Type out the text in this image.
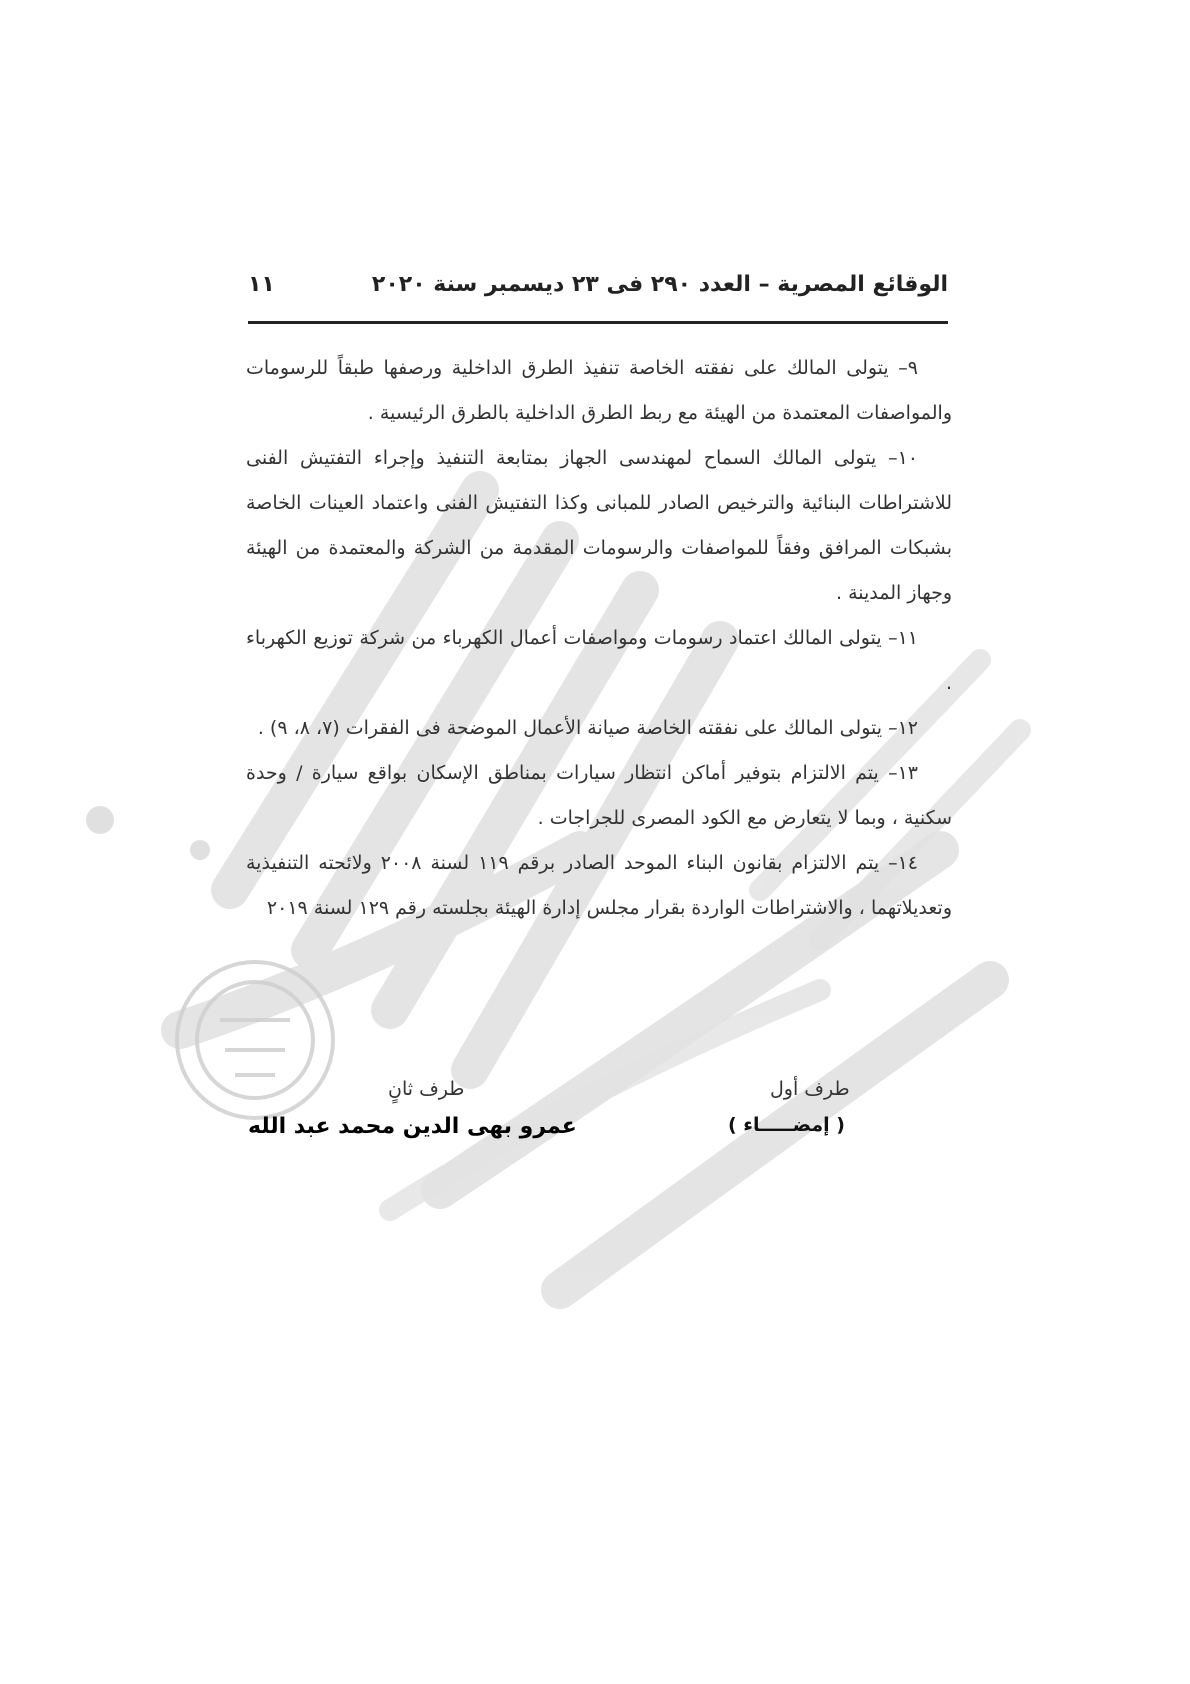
الوقائع المصرية – العدد ٢٩٠ فى ٢٣ ديسمبر سنة ٢٠٢٠
١١

٩– يتولى المالك على نفقته الخاصة تنفيذ الطرق الداخلية ورصفها طبقاً للرسومات والمواصفات المعتمدة من الهيئة مع ربط الطرق الداخلية بالطرق الرئيسية .

١٠– يتولى المالك السماح لمهندسى الجهاز بمتابعة التنفيذ وإجراء التفتيش الفنى للاشتراطات البنائية والترخيص الصادر للمبانى وكذا التفتيش الفنى واعتماد العينات الخاصة بشبكات المرافق وفقاً للمواصفات والرسومات المقدمة من الشركة والمعتمدة من الهيئة وجهاز المدينة .

١١– يتولى المالك اعتماد رسومات ومواصفات أعمال الكهرباء من شركة توزيع الكهرباء .

١٢– يتولى المالك على نفقته الخاصة صيانة الأعمال الموضحة فى الفقرات (٧، ٨، ٩) .

١٣– يتم الالتزام بتوفير أماكن انتظار سيارات بمناطق الإسكان بواقع سيارة / وحدة سكنية ، وبما لا يتعارض مع الكود المصرى للجراجات .

١٤– يتم الالتزام بقانون البناء الموحد الصادر برقم ١١٩ لسنة ٢٠٠٨ ولائحته التنفيذية وتعديلاتهما ، والاشتراطات الواردة بقرار مجلس إدارة الهيئة بجلسته رقم ١٢٩ لسنة ٢٠١٩

طرف أول
طرف ثانٍ
( إمضـــــاء )
عمرو بهى الدين محمد عبد الله
